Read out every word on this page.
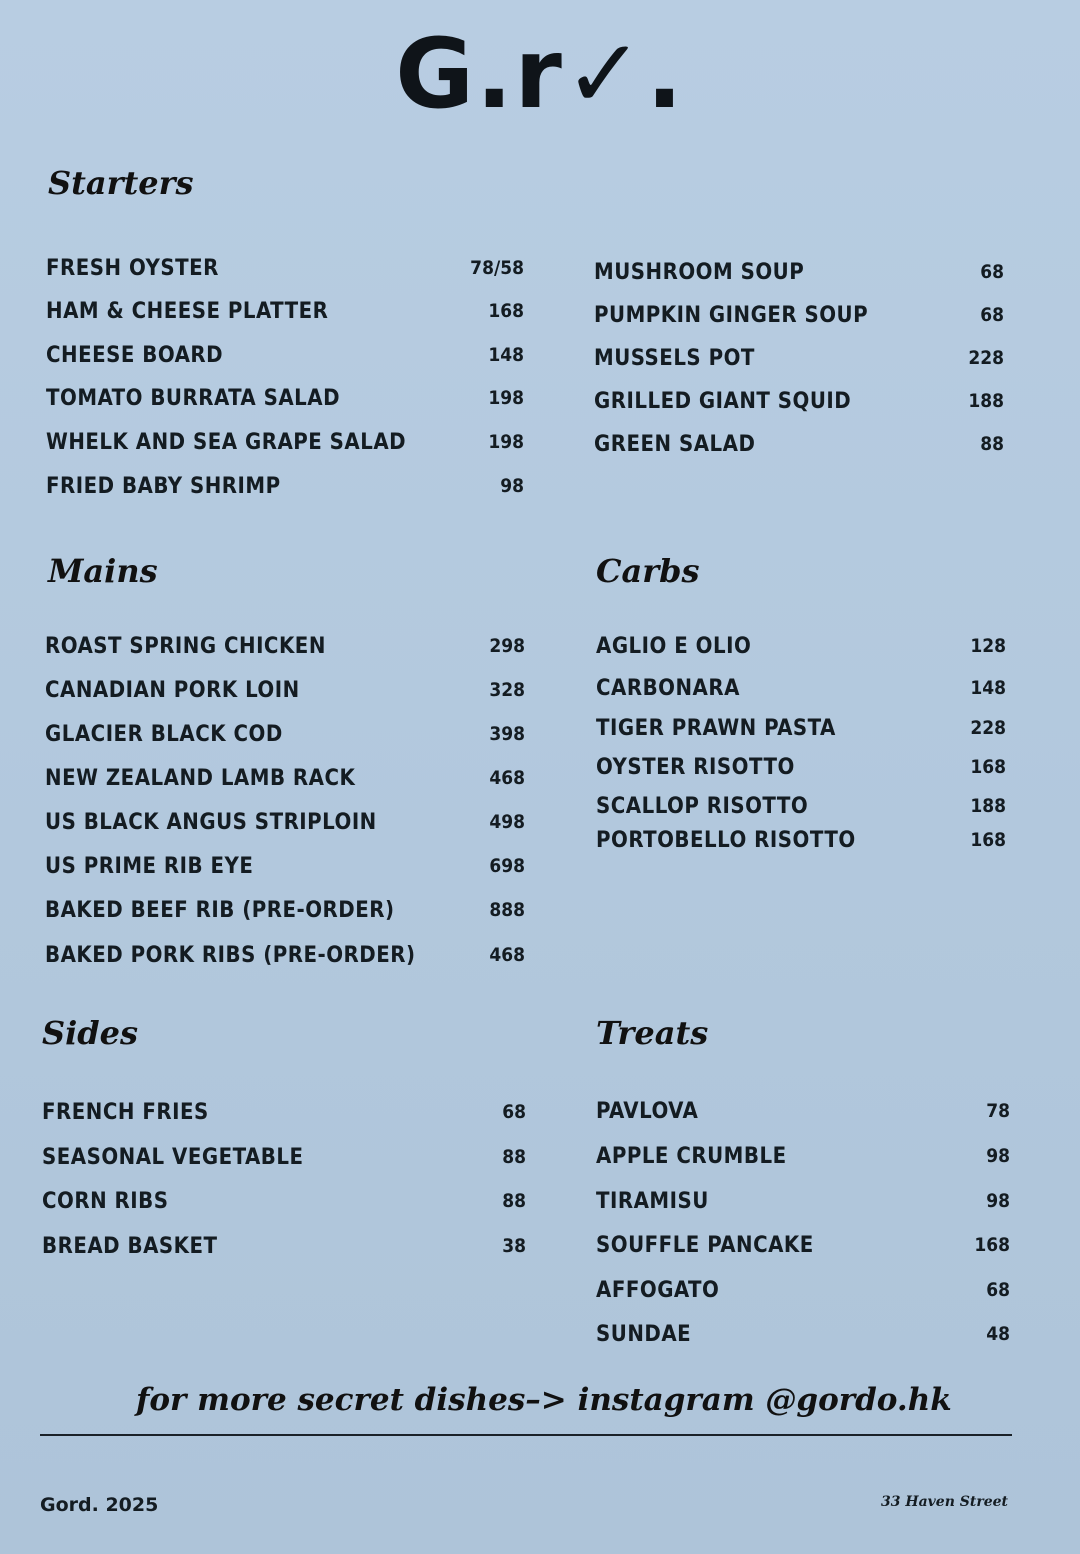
G.r✓.
Starters
FRESH OYSTER	78/58
HAM & CHEESE PLATTER	168
CHEESE BOARD	148
TOMATO BURRATA SALAD	198
WHELK AND SEA GRAPE SALAD	198
FRIED BABY SHRIMP	98
MUSHROOM SOUP	68
PUMPKIN GINGER SOUP	68
MUSSELS POT	228
GRILLED GIANT SQUID	188
GREEN SALAD	88
Mains
ROAST SPRING CHICKEN	298
CANADIAN PORK LOIN	328
GLACIER BLACK COD	398
NEW ZEALAND LAMB RACK	468
US BLACK ANGUS STRIPLOIN	498
US PRIME RIB EYE	698
BAKED BEEF RIB (PRE-ORDER)	888
BAKED PORK RIBS (PRE-ORDER)	468
Carbs
AGLIO E OLIO	128
CARBONARA	148
TIGER PRAWN PASTA	228
OYSTER RISOTTO	168
SCALLOP RISOTTO	188
PORTOBELLO RISOTTO	168
Sides
FRENCH FRIES	68
SEASONAL VEGETABLE	88
CORN RIBS	88
BREAD BASKET	38
Treats
PAVLOVA	78
APPLE CRUMBLE	98
TIRAMISU	98
SOUFFLE PANCAKE	168
AFFOGATO	68
SUNDAE	48
for more secret dishes–> instagram @gordo.hk
Gord. 2025	33 Haven Street
